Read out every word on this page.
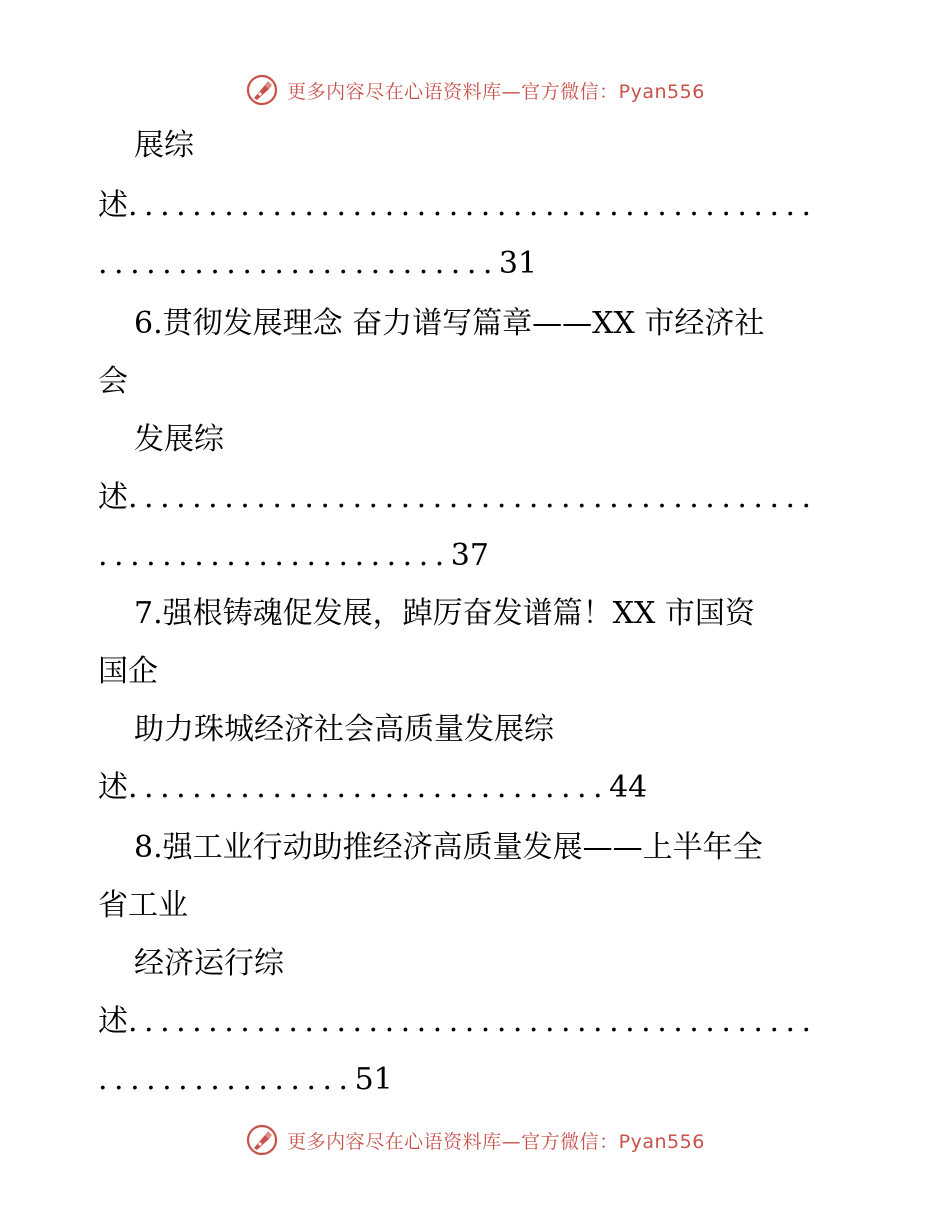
更多内容尽在心语资料库—官方微信：Pyan556
展综
述...........................................
.........................31
6.贯彻发展理念 奋力谱写篇章——XX 市经济社
会
发展综
述...........................................
......................37
7.强根铸魂促发展，踔厉奋发谱篇！XX 市国资
国企
助力珠城经济社会高质量发展综
述..............................44
8.强工业行动助推经济高质量发展——上半年全
省工业
经济运行综
述...........................................
................51
更多内容尽在心语资料库—官方微信：Pyan556
